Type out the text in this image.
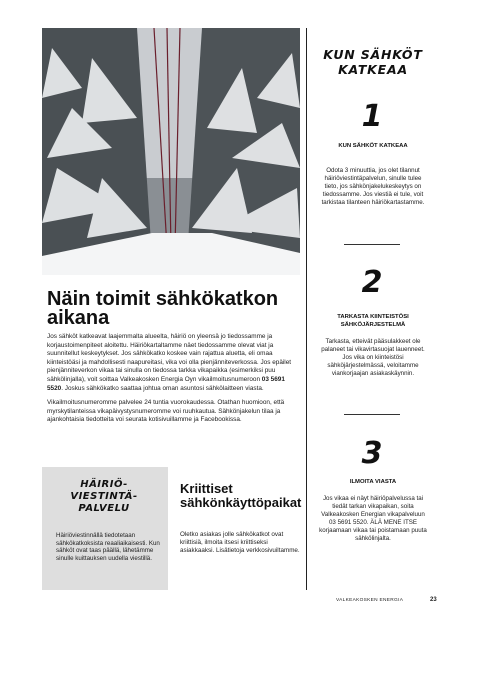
Näin toimit sähkökatkon aikana

Jos sähköt katkeavat laajemmalta alueelta, häiriö on yleensä jo tiedossamme ja korjaustoimenpiteet aloitettu. Häiriökartaltamme näet tiedossamme olevat viat ja suunnitellut keskeytykset. Jos sähkökatko koskee vain rajattua aluetta, eli omaa kiinteistöäsi ja mahdollisesti naapureitasi, vika voi olla pienjänniteverkossa. Jos epäilet pienjänniteverkon vikaa tai sinulla on tiedossa tarkka vikapaikka (esimerkiksi puu sähkölinjalla), voit soittaa Valkeakosken Energia Oyn vikailmoitusnumeroon 03 5691 5520. Joskus sähkökatko saattaa johtua oman asuntosi sähkölaitteen viasta.

Vikailmoitusnumeromme palvelee 24 tuntia vuorokaudessa. Otathan huomioon, että myrskytilanteissa vikapäivystysnumeromme voi ruuhkautua. Sähkönjakelun tilaa ja ajankohtaisia tiedotteita voi seurata kotisivuillamme ja Facebookissa.

HÄIRIÖ-VIESTINTÄ-PALVELU

Häiriöviestinnällä tiedotetaan sähkökatkoksista reaaliaikaisesti. Kun sähköt ovat taas päällä, lähetämme sinulle kuittauksen uudella viestillä.

Kriittiset sähkönkäyttöpaikat

Oletko asiakas jolle sähkökatkot ovat kriittisiä, ilmoita itsesi kriittiseksi asiakkaaksi. Lisätietoja verkkosivuiltamme.

KUN SÄHKÖT KATKEAA
1

KUN SÄHKÖT KATKEAA

Odota 3 minuuttia, jos olet tilannut häiriöviestintäpalvelun, sinulle tulee tieto, jos sähkönjakelukeskeytys on tiedossamme. Jos viestiä ei tule, voit tarkistaa tilanteen häiriökartastamme.

2

TARKASTA KIINTEISTÖSI SÄHKÖJÄRJESTELMÄ

Tarkasta, etteivät pääsulakkeet ole palaneet tai vikavirtasuojat lauenneet. Jos vika on kiinteistösi sähköjärjestelmässä, veloitamme viankorjaajan asiakaskäynnin.

3

ILMOITA VIASTA

Jos vikaa ei näyt häiriöpalvelussa tai tiedät tarkan vikapaikan, soita Valkeakosken Energian vikapalveluun 03 5691 5520. ÄLÄ MENE ITSE korjaamaan vikaa tai poistamaan puuta sähkölinjalta.

VALKEAKOSKEN ENERGIA	23
